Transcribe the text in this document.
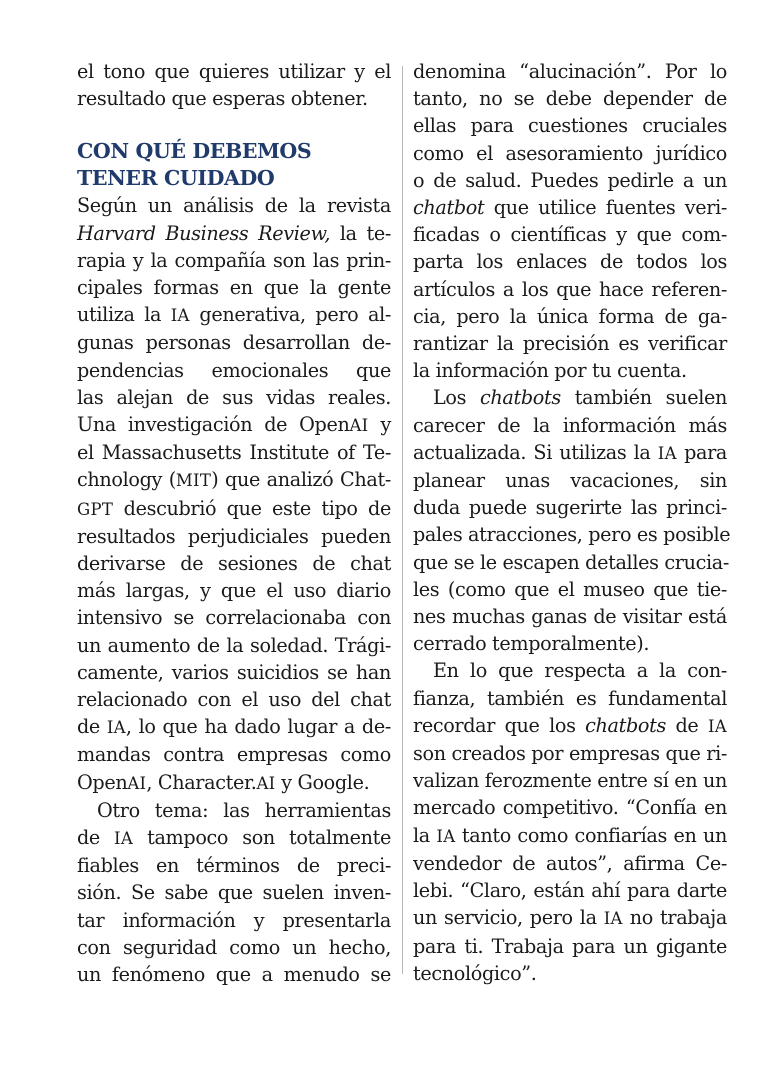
el tono que quieres utilizar y el
resultado que esperas obtener.
CON QUÉ DEBEMOS
TENER CUIDADO
Según un análisis de la revista
Harvard Business Review, la te-
rapia y la compañía son las prin-
cipales formas en que la gente
utiliza la IA generativa, pero al-
gunas personas desarrollan de-
pendencias emocionales que
las alejan de sus vidas reales.
Una investigación de OpenAI y
el Massachusetts Institute of Te-
chnology (MIT) que analizó Chat-
GPT descubrió que este tipo de
resultados perjudiciales pueden
derivarse de sesiones de chat
más largas, y que el uso diario
intensivo se correlacionaba con
un aumento de la soledad. Trági-
camente, varios suicidios se han
relacionado con el uso del chat
de IA, lo que ha dado lugar a de-
mandas contra empresas como
OpenAI, Character.AI y Google.
Otro tema: las herramientas
de IA tampoco son totalmente
fiables en términos de preci-
sión. Se sabe que suelen inven-
tar información y presentarla
con seguridad como un hecho,
un fenómeno que a menudo se
denomina “alucinación”. Por lo
tanto, no se debe depender de
ellas para cuestiones cruciales
como el asesoramiento jurídico
o de salud. Puedes pedirle a un
chatbot que utilice fuentes veri-
ficadas o científicas y que com-
parta los enlaces de todos los
artículos a los que hace referen-
cia, pero la única forma de ga-
rantizar la precisión es verificar
la información por tu cuenta.
Los chatbots también suelen
carecer de la información más
actualizada. Si utilizas la IA para
planear unas vacaciones, sin
duda puede sugerirte las princi-
pales atracciones, pero es posible
que se le escapen detalles crucia-
les (como que el museo que tie-
nes muchas ganas de visitar está
cerrado temporalmente).
En lo que respecta a la con-
fianza, también es fundamental
recordar que los chatbots de IA
son creados por empresas que ri-
valizan ferozmente entre sí en un
mercado competitivo. “Confía en
la IA tanto como confiarías en un
vendedor de autos”, afirma Ce-
lebi. “Claro, están ahí para darte
un servicio, pero la IA no trabaja
para ti. Trabaja para un gigante
tecnológico”.
